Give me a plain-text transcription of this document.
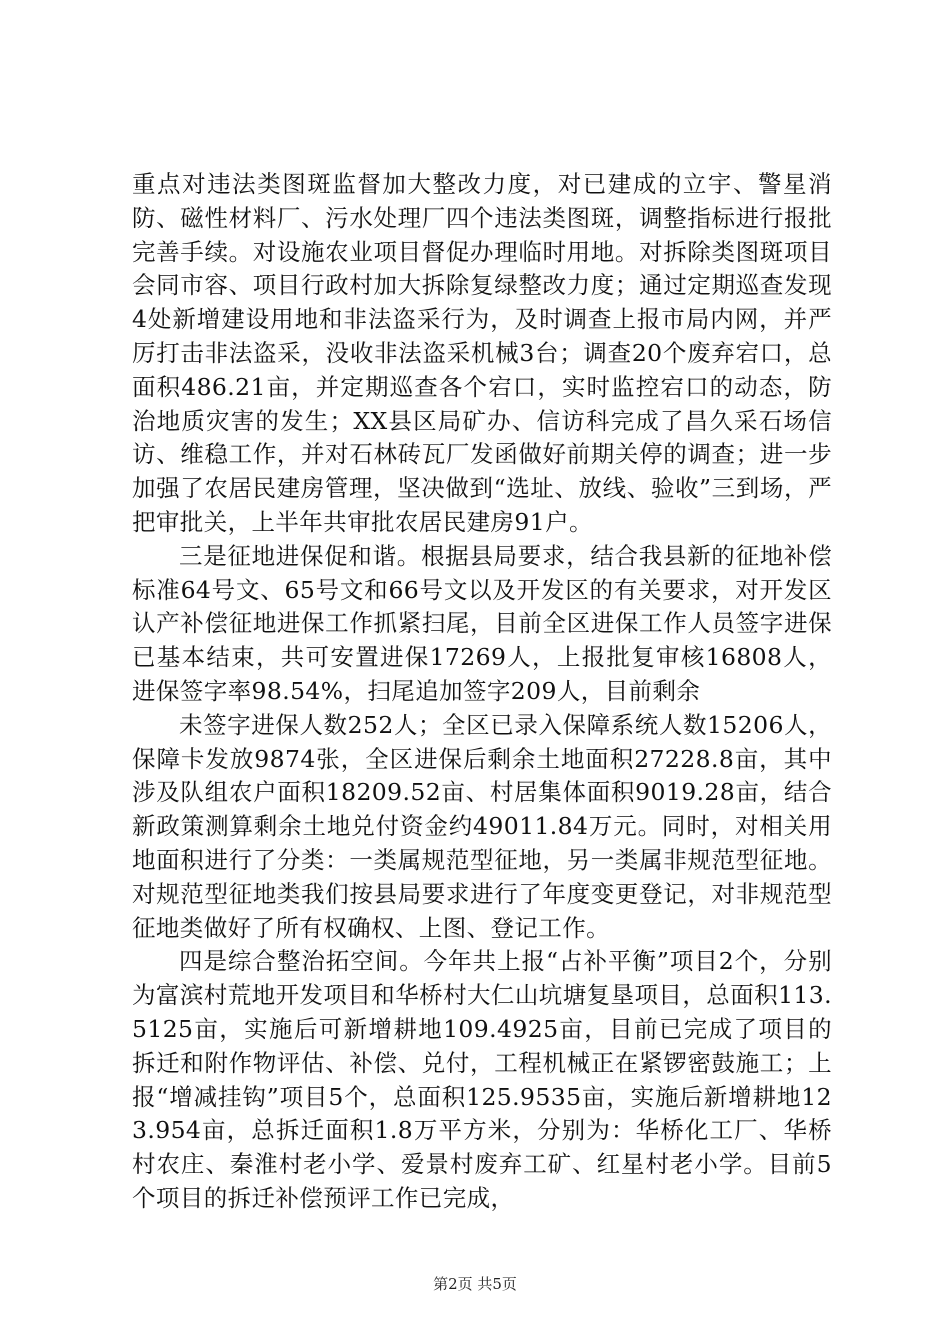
重点对违法类图斑监督加大整改力度，对已建成的立宇、警星消防、磁性材料厂、污水处理厂四个违法类图斑，调整指标进行报批完善手续。对设施农业项目督促办理临时用地。对拆除类图斑项目会同市容、项目行政村加大拆除复绿整改力度；通过定期巡查发现4处新增建设用地和非法盗采行为，及时调查上报市局内网，并严厉打击非法盗采，没收非法盗采机械3台；调查20个废弃宕口，总面积486.21亩，并定期巡查各个宕口，实时监控宕口的动态，防治地质灾害的发生；XX县区局矿办、信访科完成了昌久采石场信访、维稳工作，并对石林砖瓦厂发函做好前期关停的调查；进一步加强了农居民建房管理，坚决做到“选址、放线、验收”三到场，严把审批关，上半年共审批农居民建房91户。

三是征地进保促和谐。根据县局要求，结合我县新的征地补偿标准64号文、65号文和66号文以及开发区的有关要求，对开发区认产补偿征地进保工作抓紧扫尾，目前全区进保工作人员签字进保已基本结束，共可安置进保17269人，上报批复审核16808人，进保签字率98.54%，扫尾追加签字209人，目前剩余

未签字进保人数252人；全区已录入保障系统人数15206人，保障卡发放9874张，全区进保后剩余土地面积27228.8亩，其中涉及队组农户面积18209.52亩、村居集体面积9019.28亩，结合新政策测算剩余土地兑付资金约49011.84万元。同时，对相关用地面积进行了分类：一类属规范型征地，另一类属非规范型征地。对规范型征地类我们按县局要求进行了年度变更登记，对非规范型征地类做好了所有权确权、上图、登记工作。

四是综合整治拓空间。今年共上报“占补平衡”项目2个，分别为富滨村荒地开发项目和华桥村大仁山坑塘复垦项目，总面积113.5125亩，实施后可新增耕地109.4925亩，目前已完成了项目的拆迁和附作物评估、补偿、兑付，工程机械正在紧锣密鼓施工；上报“增减挂钩”项目5个，总面积125.9535亩，实施后新增耕地123.954亩，总拆迁面积1.8万平方米，分别为：华桥化工厂、华桥村农庄、秦淮村老小学、爱景村废弃工矿、红星村老小学。目前5个项目的拆迁补偿预评工作已完成，

第2页 共5页
